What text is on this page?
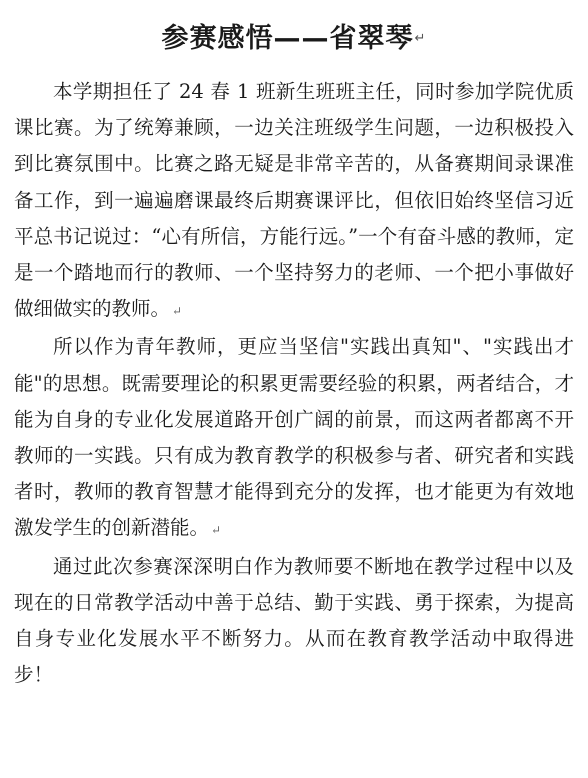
参赛感悟——省翠琴↵

本学期担任了 24 春 1 班新生班班主任，同时参加学院优质课比赛。为了统筹兼顾，一边关注班级学生问题，一边积极投入到比赛氛围中。比赛之路无疑是非常辛苦的，从备赛期间录课准备工作，到一遍遍磨课最终后期赛课评比，但依旧始终坚信习近平总书记说过：“心有所信，方能行远。”一个有奋斗感的教师，定是一个踏地而行的教师、一个坚持努力的老师、一个把小事做好做细做实的教师。 ↵

所以作为青年教师，更应当坚信"实践出真知"、"实践出才能"的思想。既需要理论的积累更需要经验的积累，两者结合，才能为自身的专业化发展道路开创广阔的前景，而这两者都离不开教师的一实践。只有成为教育教学的积极参与者、研究者和实践者时，教师的教育智慧才能得到充分的发挥，也才能更为有效地激发学生的创新潜能。 ↵

通过此次参赛深深明白作为教师要不断地在教学过程中以及现在的日常教学活动中善于总结、勤于实践、勇于探索，为提高自身专业化发展水平不断努力。从而在教育教学活动中取得进步！
